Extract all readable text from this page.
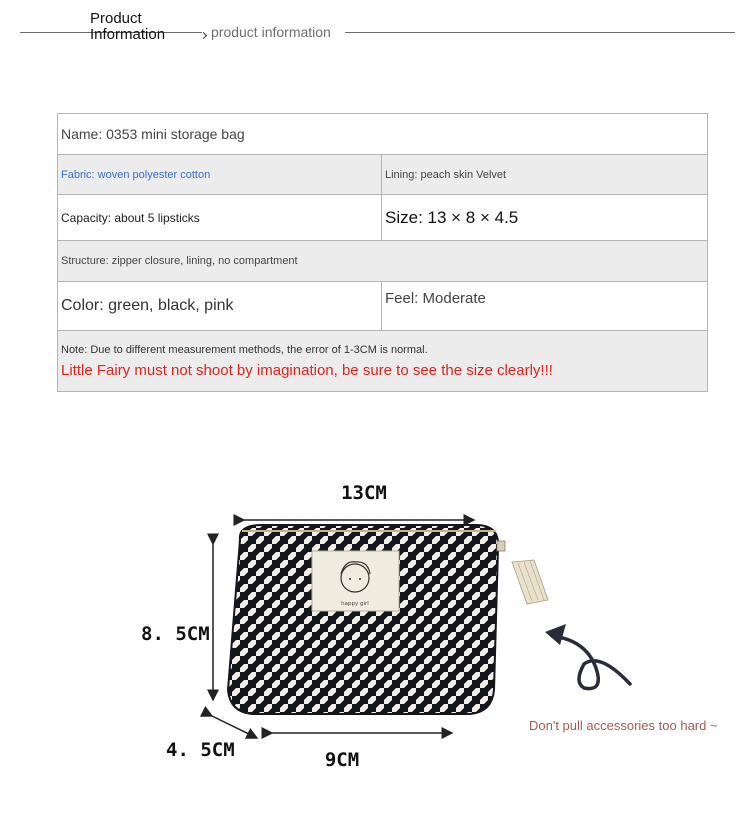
Product
Information	product information
Name: 0353 mini storage bag	
Fabric: woven polyester cotton	Lining: peach skin Velvet
Capacity: about 5 lipsticks	Size: 13 × 8 × 4.5
Structure: zipper closure, lining, no compartment	
Color: green, black, pink	Feel: Moderate

Note: Due to different measurement methods, the error of 1-3CM is normal.
Little Fairy must not shoot by imagination, be sure to see the size clearly!!!	
happy girl
13CM
8. 5CM
4. 5CM	9CM
Don't pull accessories too hard ~
